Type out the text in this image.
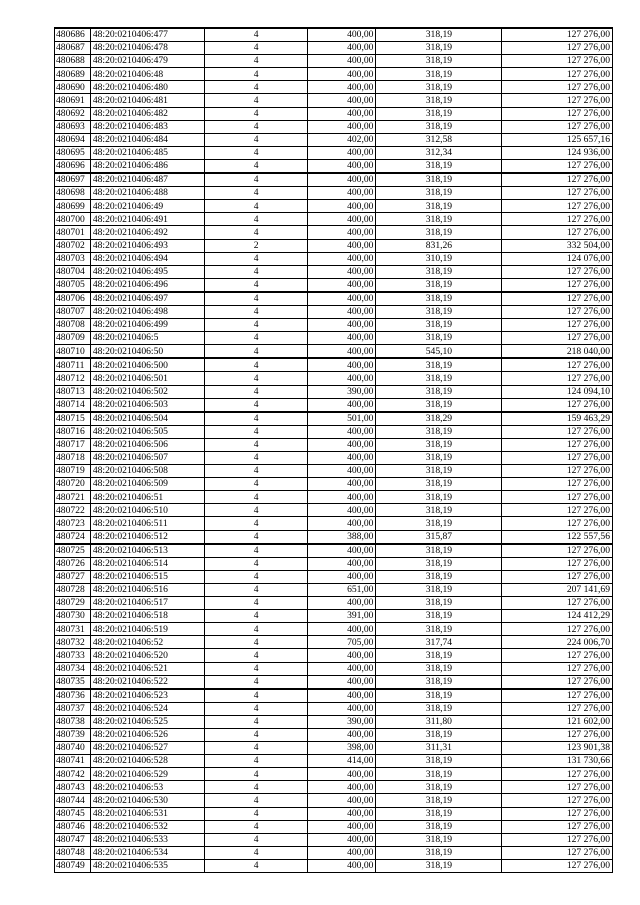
480686	48:20:0210406:477	4	400,00	318,19	127 276,00
480687	48:20:0210406:478	4	400,00	318,19	127 276,00
480688	48:20:0210406:479	4	400,00	318,19	127 276,00
480689	48:20:0210406:48	4	400,00	318,19	127 276,00
480690	48:20:0210406:480	4	400,00	318,19	127 276,00
480691	48:20:0210406:481	4	400,00	318,19	127 276,00
480692	48:20:0210406:482	4	400,00	318,19	127 276,00
480693	48:20:0210406:483	4	400,00	318,19	127 276,00
480694	48:20:0210406:484	4	402,00	312,58	125 657,16
480695	48:20:0210406:485	4	400,00	312,34	124 936,00
480696	48:20:0210406:486	4	400,00	318,19	127 276,00
480697	48:20:0210406:487	4	400,00	318,19	127 276,00
480698	48:20:0210406:488	4	400,00	318,19	127 276,00
480699	48:20:0210406:49	4	400,00	318,19	127 276,00
480700	48:20:0210406:491	4	400,00	318,19	127 276,00
480701	48:20:0210406:492	4	400,00	318,19	127 276,00
480702	48:20:0210406:493	2	400,00	831,26	332 504,00
480703	48:20:0210406:494	4	400,00	310,19	124 076,00
480704	48:20:0210406:495	4	400,00	318,19	127 276,00
480705	48:20:0210406:496	4	400,00	318,19	127 276,00
480706	48:20:0210406:497	4	400,00	318,19	127 276,00
480707	48:20:0210406:498	4	400,00	318,19	127 276,00
480708	48:20:0210406:499	4	400,00	318,19	127 276,00
480709	48:20:0210406:5	4	400,00	318,19	127 276,00
480710	48:20:0210406:50	4	400,00	545,10	218 040,00
480711	48:20:0210406:500	4	400,00	318,19	127 276,00
480712	48:20:0210406:501	4	400,00	318,19	127 276,00
480713	48:20:0210406:502	4	390,00	318,19	124 094,10
480714	48:20:0210406:503	4	400,00	318,19	127 276,00
480715	48:20:0210406:504	4	501,00	318,29	159 463,29
480716	48:20:0210406:505	4	400,00	318,19	127 276,00
480717	48:20:0210406:506	4	400,00	318,19	127 276,00
480718	48:20:0210406:507	4	400,00	318,19	127 276,00
480719	48:20:0210406:508	4	400,00	318,19	127 276,00
480720	48:20:0210406:509	4	400,00	318,19	127 276,00
480721	48:20:0210406:51	4	400,00	318,19	127 276,00
480722	48:20:0210406:510	4	400,00	318,19	127 276,00
480723	48:20:0210406:511	4	400,00	318,19	127 276,00
480724	48:20:0210406:512	4	388,00	315,87	122 557,56
480725	48:20:0210406:513	4	400,00	318,19	127 276,00
480726	48:20:0210406:514	4	400,00	318,19	127 276,00
480727	48:20:0210406:515	4	400,00	318,19	127 276,00
480728	48:20:0210406:516	4	651,00	318,19	207 141,69
480729	48:20:0210406:517	4	400,00	318,19	127 276,00
480730	48:20:0210406:518	4	391,00	318,19	124 412,29
480731	48:20:0210406:519	4	400,00	318,19	127 276,00
480732	48:20:0210406:52	4	705,00	317,74	224 006,70
480733	48:20:0210406:520	4	400,00	318,19	127 276,00
480734	48:20:0210406:521	4	400,00	318,19	127 276,00
480735	48:20:0210406:522	4	400,00	318,19	127 276,00
480736	48:20:0210406:523	4	400,00	318,19	127 276,00
480737	48:20:0210406:524	4	400,00	318,19	127 276,00
480738	48:20:0210406:525	4	390,00	311,80	121 602,00
480739	48:20:0210406:526	4	400,00	318,19	127 276,00
480740	48:20:0210406:527	4	398,00	311,31	123 901,38
480741	48:20:0210406:528	4	414,00	318,19	131 730,66
480742	48:20:0210406:529	4	400,00	318,19	127 276,00
480743	48:20:0210406:53	4	400,00	318,19	127 276,00
480744	48:20:0210406:530	4	400,00	318,19	127 276,00
480745	48:20:0210406:531	4	400,00	318,19	127 276,00
480746	48:20:0210406:532	4	400,00	318,19	127 276,00
480747	48:20:0210406:533	4	400,00	318,19	127 276,00
480748	48:20:0210406:534	4	400,00	318,19	127 276,00
480749	48:20:0210406:535	4	400,00	318,19	127 276,00
